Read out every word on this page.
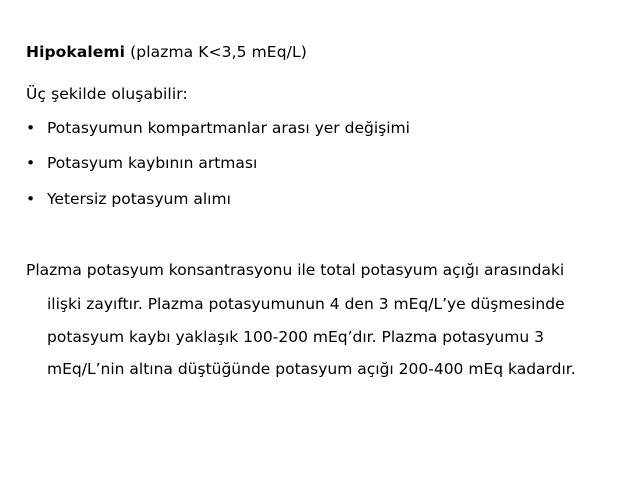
Hipokalemi (plazma K<3,5 mEq/L)
Üç şekilde oluşabilir:
• Potasyumun kompartmanlar arası yer değişimi
• Potasyum kaybının artması
• Yetersiz potasyum alımı
Plazma potasyum konsantrasyonu ile total potasyum açığı arasındaki
ilişki zayıftır. Plazma potasyumunun 4 den 3 mEq/L’ye düşmesinde
potasyum kaybı yaklaşık 100-200 mEq’dır. Plazma potasyumu 3
mEq/L’nin altına düştüğünde potasyum açığı 200-400 mEq kadardır.
